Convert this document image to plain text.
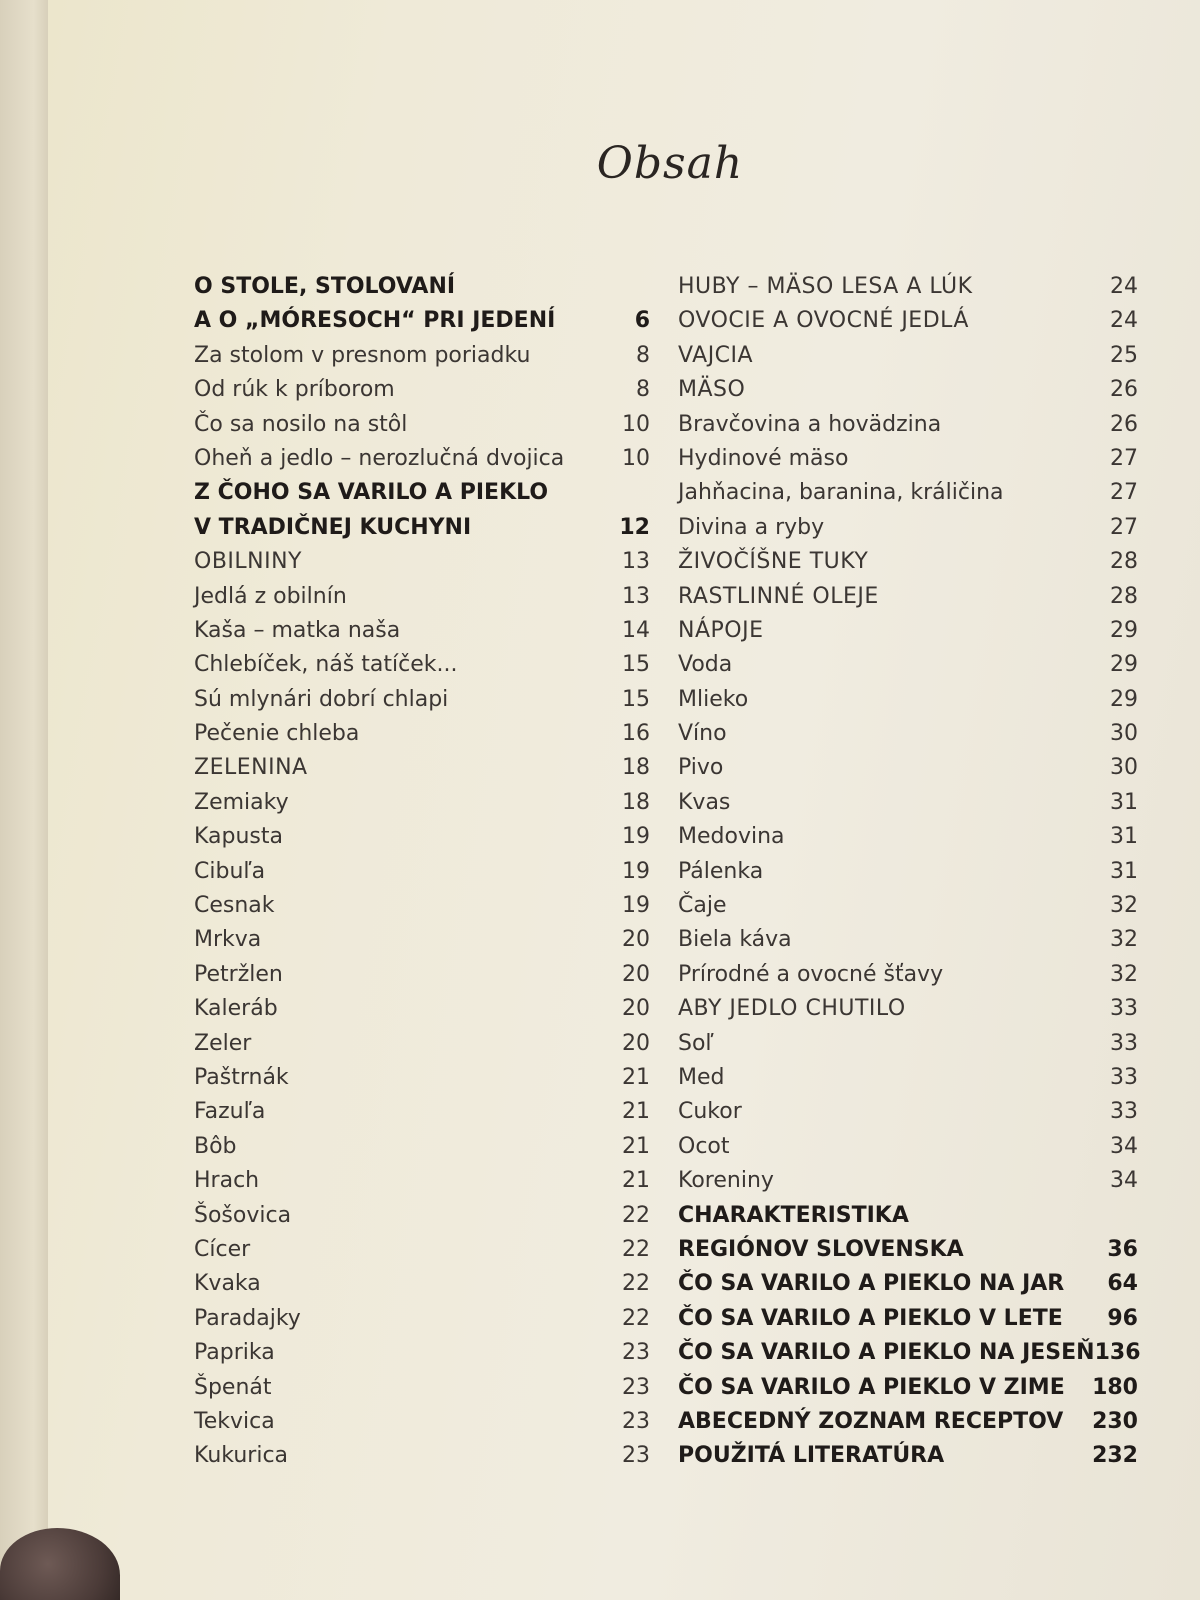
Obsah
O STOLE, STOLOVANÍ
A O „MÓRESOCH“ PRI JEDENÍ	6
Za stolom v presnom poriadku	8
Od rúk k príborom	8
Čo sa nosilo na stôl	10
Oheň a jedlo – nerozlučná dvojica	10
Z ČOHO SA VARILO A PIEKLO
V TRADIČNEJ KUCHYNI	12
OBILNINY	13
Jedlá z obilnín	13
Kaša – matka naša	14
Chlebíček, náš tatíček...	15
Sú mlynári dobrí chlapi	15
Pečenie chleba	16
ZELENINA	18
Zemiaky	18
Kapusta	19
Cibuľa	19
Cesnak	19
Mrkva	20
Petržlen	20
Kaleráb	20
Zeler	20
Paštrnák	21
Fazuľa	21
Bôb	21
Hrach	21
Šošovica	22
Cícer	22
Kvaka	22
Paradajky	22
Paprika	23
Špenát	23
Tekvica	23
Kukurica	23
HUBY – MÄSO LESA A LÚK	24
OVOCIE A OVOCNÉ JEDLÁ	24
VAJCIA	25
MÄSO	26
Bravčovina a hovädzina	26
Hydinové mäso	27
Jahňacina, baranina, králičina	27
Divina a ryby	27
ŽIVOČÍŠNE TUKY	28
RASTLINNÉ OLEJE	28
NÁPOJE	29
Voda	29
Mlieko	29
Víno	30
Pivo	30
Kvas	31
Medovina	31
Pálenka	31
Čaje	32
Biela káva	32
Prírodné a ovocné šťavy	32
ABY JEDLO CHUTILO	33
Soľ	33
Med	33
Cukor	33
Ocot	34
Koreniny	34
CHARAKTERISTIKA
REGIÓNOV SLOVENSKA	36
ČO SA VARILO A PIEKLO NA JAR 64
ČO SA VARILO A PIEKLO V LETE 96
ČO SA VARILO A PIEKLO NA JESEŇ 136
ČO SA VARILO A PIEKLO V ZIME 180
ABECEDNÝ ZOZNAM RECEPTOV 230
POUŽITÁ LITERATÚRA	232
